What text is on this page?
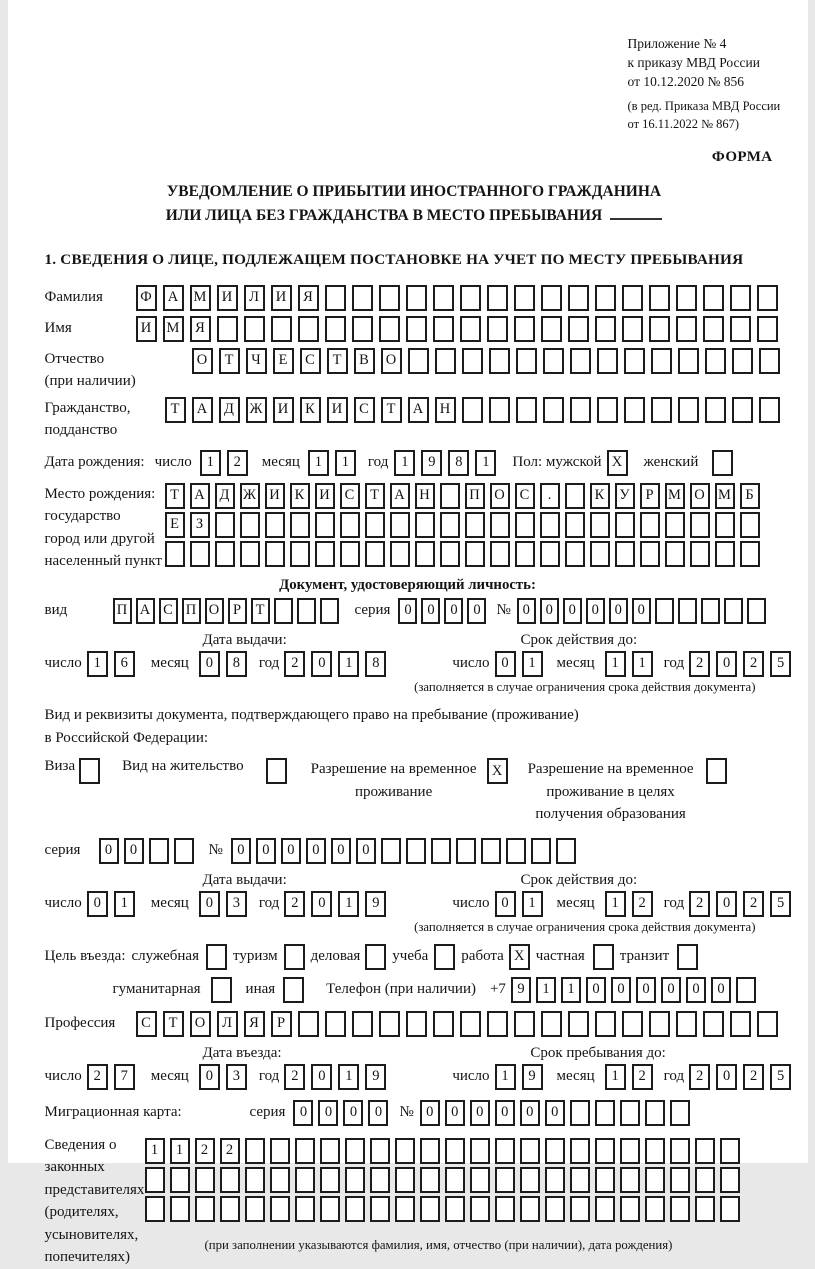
Приложение № 4
к приказу МВД России
от 10.12.2020 № 856
(в ред. Приказа МВД России
от 16.11.2022 № 867)
ФОРМА
УВЕДОМЛЕНИЕ О ПРИБЫТИИ ИНОСТРАННОГО ГРАЖДАНИНА
ИЛИ ЛИЦА БЕЗ ГРАЖДАНСТВА В МЕСТО ПРЕБЫВАНИЯ
1. СВЕДЕНИЯ О ЛИЦЕ, ПОДЛЕЖАЩЕМ ПОСТАНОВКЕ НА УЧЕТ ПО МЕСТУ ПРЕБЫВАНИЯ
Фамилия	Ф	А	М	И	Л	И	Я
Имя	И	М	Я
Отчество
(при наличии)
О	Т	Ч	Е	С	Т	В	О
Гражданство,
подданство
Т	А	Д	Ж	И	К	И	С	Т	А	Н
Дата рождения: число	1	2	месяц	1	1	год 1	9	8	1	Пол: мужской X	женский
Место рождения:
государство
город или другой
населенный пункт
Т	А	Д Ж И	К	И	С	Т	А	Н	П	О	С	.	К	У	Р	М О М Б
Е	З
Документ, удостоверяющий личность:
вид	П А С П О Р	Т	серия 0	0	0	0	№ 0	0	0	0	0	0
Дата выдачи:	Срок действия до:
число 1	6	месяц	0	8	год 2	0	1	8	число 0	1	месяц	1	1	год 2	0	2	5
(заполняется в случае ограничения срока действия документа)
Вид и реквизиты документа, подтверждающего право на пребывание (проживание)
в Российской Федерации:
Виза	Вид на жительство	Разрешение на временное
проживание
X	Разрешение на временное
проживание в целях
получения образования
серия	0	0	№ 0	0	0	0	0	0
Дата выдачи:	Срок действия до:
число 0	1	месяц	0	3	год 2	0	1	9	число 0	1	месяц	1	2	год 2	0	2	5
(заполняется в случае ограничения срока действия документа)
Цель въезда: служебная туризм деловая учеба работа X частная транзит
гуманитарная	иная	Телефон (при наличии) +7 9	1	1	0	0	0	0	0	0
Профессия	С	Т	О	Л	Я	Р
Дата въезда:	Срок пребывания до:
число 2	7	месяц	0	3	год 2	0	1	9	число 1	9	месяц	1	2	год 2	0	2	5
Миграционная карта:	серия 0	0	0	0	№ 0	0	0	0	0	0
Сведения о
законных
представителях
(родителях,
усыновителях,
попечителях)
1	1	2	2
(при заполнении указываются фамилия, имя, отчество (при наличии), дата рождения)
